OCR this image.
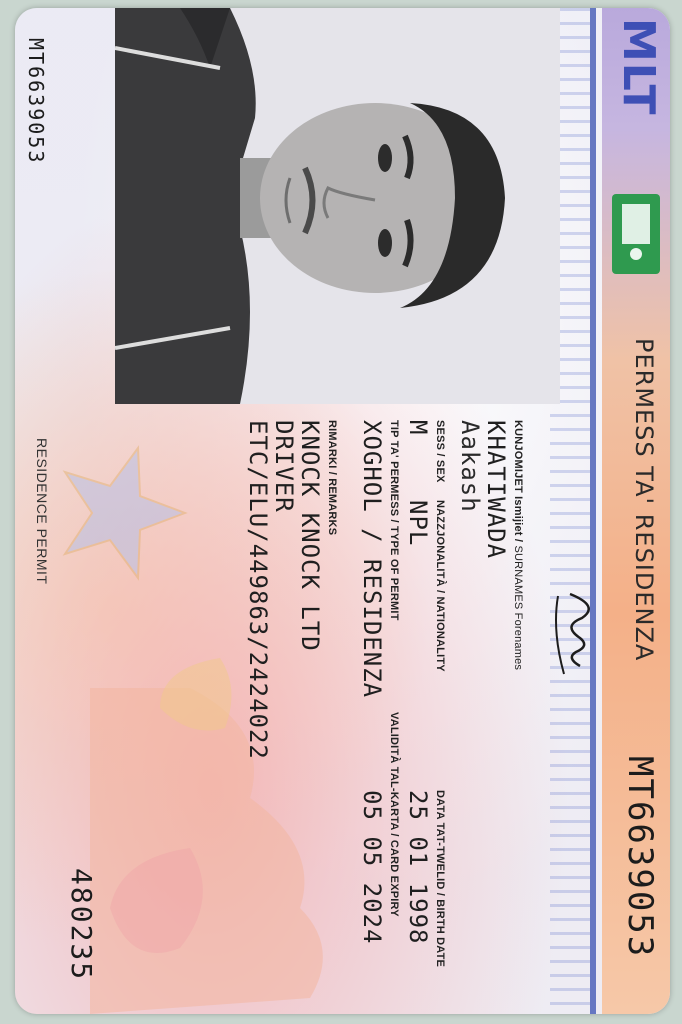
MLT
PERMESS TA' RESIDENZA
MT6639053
MT6639053
KUNJOMIJET Ismijiet / SURNAMES Forenames
KHATIWADA
Aakash
SESS / SEX
NAZZJONALITÀ / NATIONALITY
DATA TAT-TWELID / BIRTH DATE
M
NPL
25 01 1998
TIP TA' PERMESS / TYPE OF PERMIT
VALIDITÀ TAL-KARTA / CARD EXPIRY
XOGHOL / RESIDENZA
05 05 2024
RIMARKI / REMARKS
KNOCK KNOCK LTD
DRIVER
ETC/ELU/449863/2424022
RESIDENCE PERMIT
480235
